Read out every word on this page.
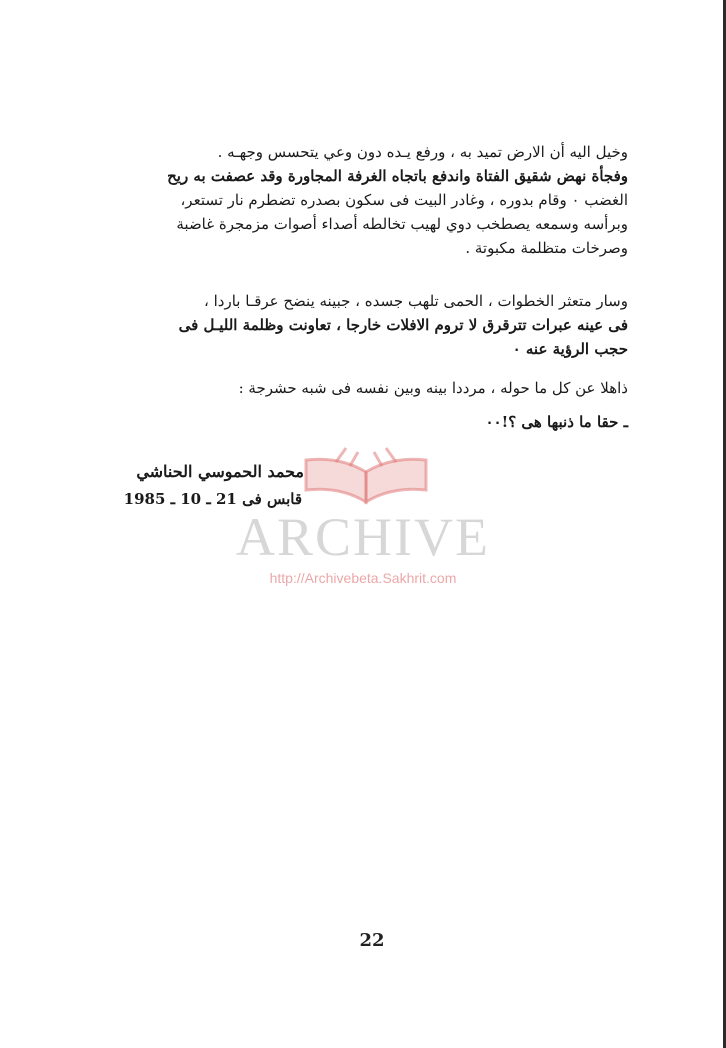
وخيل اليه أن الارض تميد به ، ورفع يـده دون وعي يتحسس وجهـه .
وفجأة نهض شقيق الفتاة واندفع باتجاه الغرفة المجاورة وقد عصفت به ريح
الغضب ٠ وقام بدوره ، وغادر البيت فى سكون بصدره تضطرم نار تستعر،
وبرأسه وسمعه يصطخب دوي لهيب تخالطه أصداء أصوات مزمجرة غاضبة
وصرخات متظلمة مكبوتة .
وسار متعثر الخطوات ، الحمى تلهب جسده ، جبينه ينضح عرقـا باردا ،
فى عينه عبرات تترقرق لا تروم الافلات خارجا ، تعاونت وظلمة الليـل فى
حجب الرؤية عنه ٠
ذاهلا عن كل ما حوله ، مرددا بينه وبين نفسه فى شبه حشرجة :
ـ حقا ما ذنبها هى ؟!٠٠
ARCHIVE
http://Archivebeta.Sakhrit.com
محمد الحموسي الحناشي
قابس فى 21 ـ 10 ـ 1985
22
